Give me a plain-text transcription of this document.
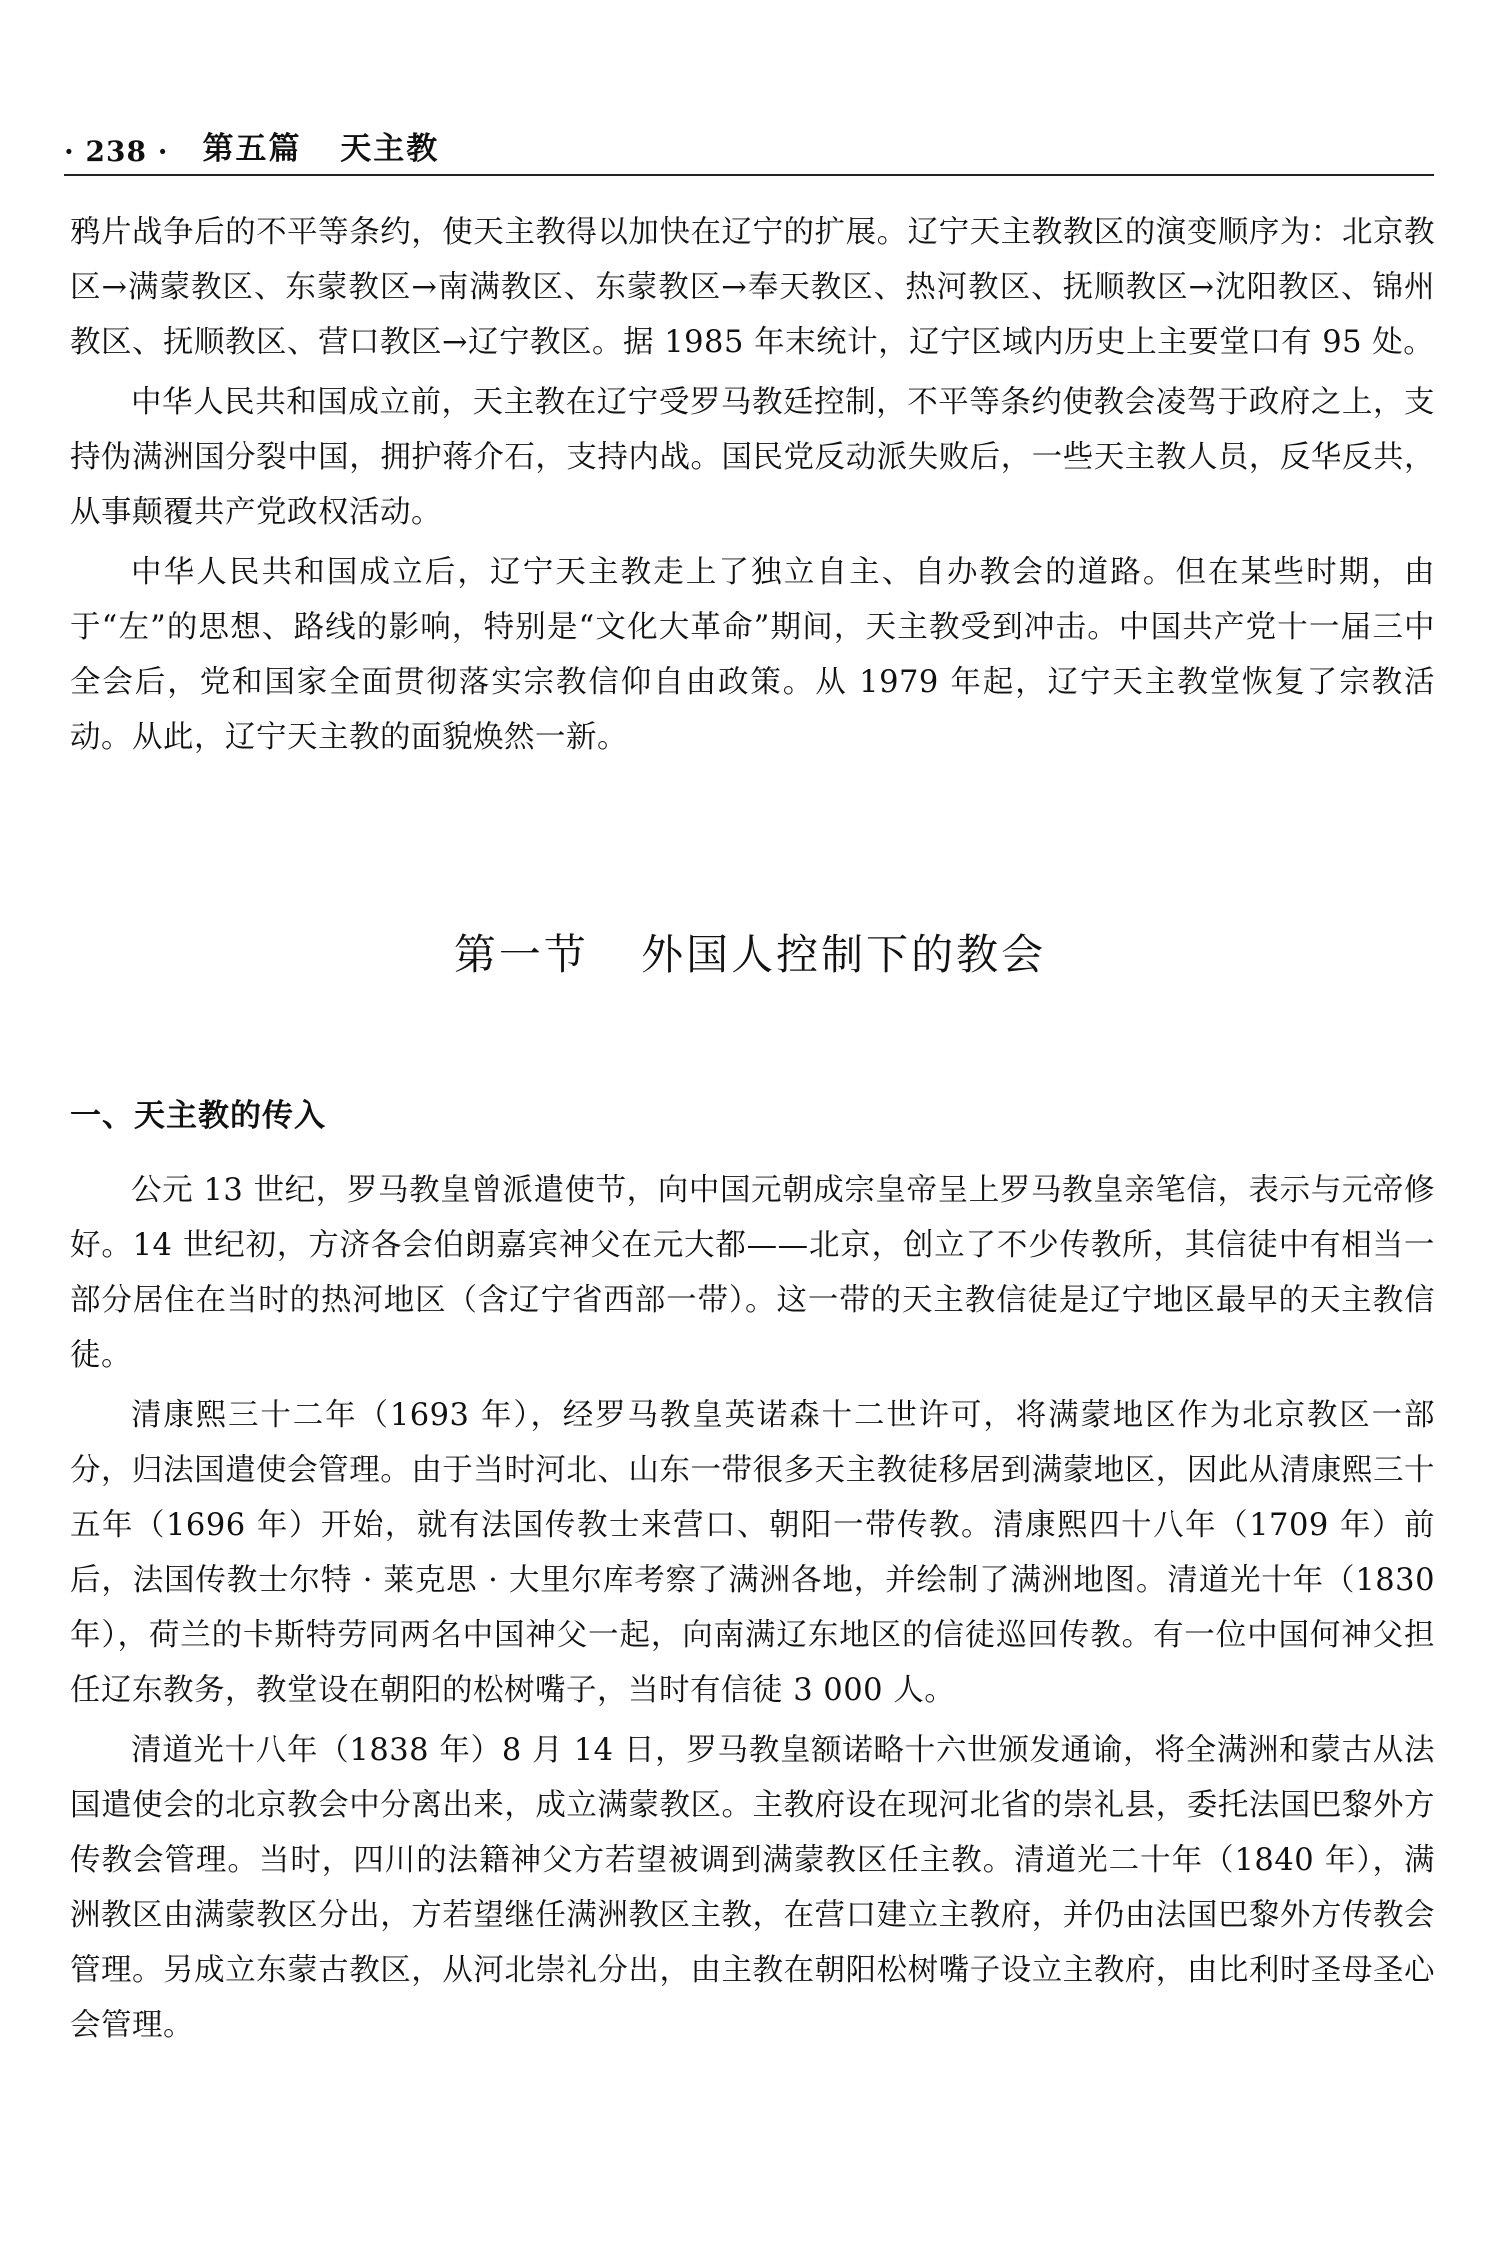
· 238 · 第五篇 天主教

鸦片战争后的不平等条约，使天主教得以加快在辽宁的扩展。辽宁天主教教区的演变顺序为：北京教区→满蒙教区、东蒙教区→南满教区、东蒙教区→奉天教区、热河教区、抚顺教区→沈阳教区、锦州教区、抚顺教区、营口教区→辽宁教区。据 1985 年末统计，辽宁区域内历史上主要堂口有 95 处。

中华人民共和国成立前，天主教在辽宁受罗马教廷控制，不平等条约使教会凌驾于政府之上，支持伪满洲国分裂中国，拥护蒋介石，支持内战。国民党反动派失败后，一些天主教人员，反华反共，从事颠覆共产党政权活动。

中华人民共和国成立后，辽宁天主教走上了独立自主、自办教会的道路。但在某些时期，由于“左”的思想、路线的影响，特别是“文化大革命”期间，天主教受到冲击。中国共产党十一届三中全会后，党和国家全面贯彻落实宗教信仰自由政策。从 1979 年起，辽宁天主教堂恢复了宗教活动。从此，辽宁天主教的面貌焕然一新。

第一节 外国人控制下的教会
一、天主教的传入

公元 13 世纪，罗马教皇曾派遣使节，向中国元朝成宗皇帝呈上罗马教皇亲笔信，表示与元帝修好。14 世纪初，方济各会伯朗嘉宾神父在元大都——北京，创立了不少传教所，其信徒中有相当一部分居住在当时的热河地区（含辽宁省西部一带）。这一带的天主教信徒是辽宁地区最早的天主教信徒。

清康熙三十二年（1693 年），经罗马教皇英诺森十二世许可，将满蒙地区作为北京教区一部分，归法国遣使会管理。由于当时河北、山东一带很多天主教徒移居到满蒙地区，因此从清康熙三十五年（1696 年）开始，就有法国传教士来营口、朝阳一带传教。清康熙四十八年（1709 年）前后，法国传教士尔特 · 莱克思 · 大里尔库考察了满洲各地，并绘制了满洲地图。清道光十年（1830 年），荷兰的卡斯特劳同两名中国神父一起，向南满辽东地区的信徒巡回传教。有一位中国何神父担任辽东教务，教堂设在朝阳的松树嘴子，当时有信徒 3 000 人。

清道光十八年（1838 年）8 月 14 日，罗马教皇额诺略十六世颁发通谕，将全满洲和蒙古从法国遣使会的北京教会中分离出来，成立满蒙教区。主教府设在现河北省的崇礼县，委托法国巴黎外方传教会管理。当时，四川的法籍神父方若望被调到满蒙教区任主教。清道光二十年（1840 年），满洲教区由满蒙教区分出，方若望继任满洲教区主教，在营口建立主教府，并仍由法国巴黎外方传教会管理。另成立东蒙古教区，从河北崇礼分出，由主教在朝阳松树嘴子设立主教府，由比利时圣母圣心会管理。
